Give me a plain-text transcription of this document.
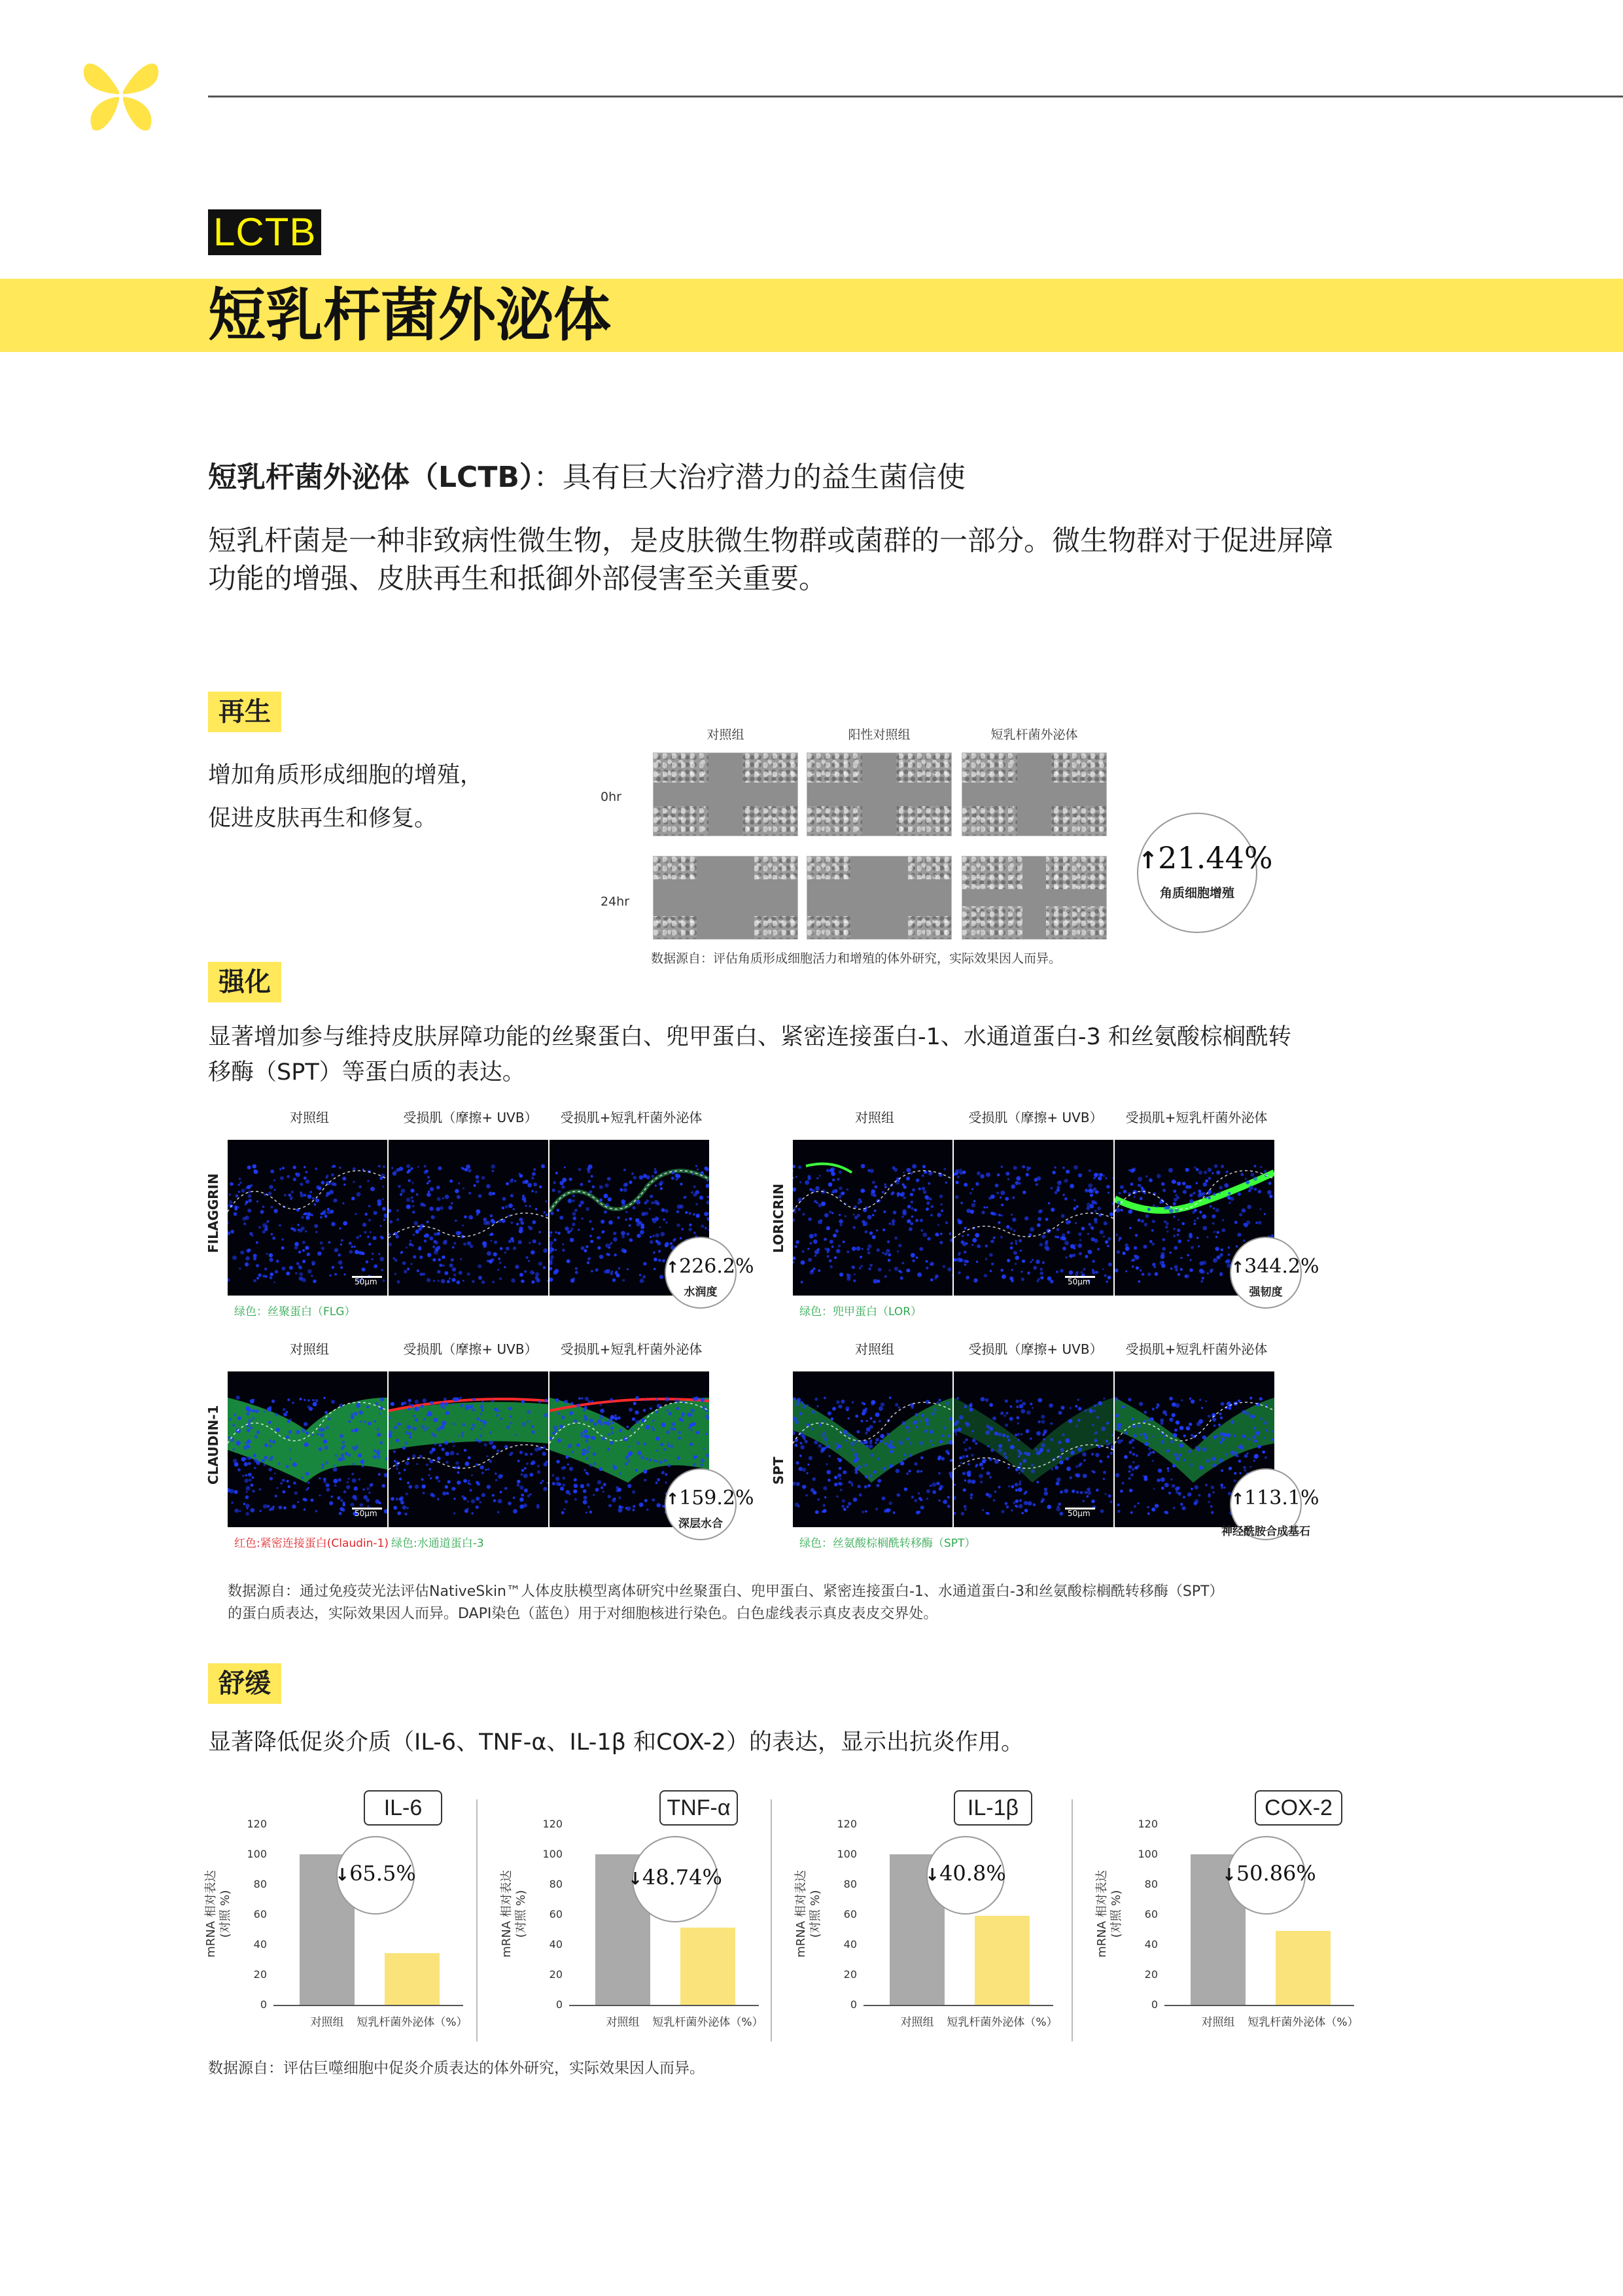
LCTB
短乳杆菌外泌体
短乳杆菌外泌体（LCTB）：具有巨大治疗潜力的益生菌信使
短乳杆菌是一种非致病性微生物，是皮肤微生物群或菌群的一部分。微生物群对于促进屏障功能的增强、皮肤再生和抵御外部侵害至关重要。
再生
增加角质形成细胞的增殖，
促进皮肤再生和修复。
对照组	阳性对照组	短乳杆菌外泌体
0hr
24hr
↑21.44%
角质细胞增殖
数据源自：评估角质形成细胞活力和增殖的体外研究，实际效果因人而异。
强化
显著增加参与维持皮肤屏障功能的丝聚蛋白、兜甲蛋白、紧密连接蛋白-1、水通道蛋白-3 和丝氨酸棕榈酰转移酶（SPT）等蛋白质的表达。
对照组	受损肌（摩擦+ UVB）	受损肌+短乳杆菌外泌体
FILAGGRIN
50μm
绿色：丝聚蛋白（FLG）
↑226.2%
水润度
对照组	受损肌（摩擦+ UVB）	受损肌+短乳杆菌外泌体
LORICRIN
50μm
绿色：兜甲蛋白（LOR）
↑344.2%
强韧度
对照组	受损肌（摩擦+ UVB）	受损肌+短乳杆菌外泌体
CLAUDIN-1
50μm
红色:紧密连接蛋白(Claudin-1) 绿色:水通道蛋白-3
↑159.2%
深层水合
对照组	受损肌（摩擦+ UVB）	受损肌+短乳杆菌外泌体
SPT
50μm
绿色：丝氨酸棕榈酰转移酶（SPT）
↑113.1%
神经酰胺合成基石
数据源自：通过免疫荧光法评估NativeSkin™人体皮肤模型离体研究中丝聚蛋白、兜甲蛋白、紧密连接蛋白-1、水通道蛋白-3和丝氨酸棕榈酰转移酶（SPT）
的蛋白质表达，实际效果因人而异。DAPI染色（蓝色）用于对细胞核进行染色。白色虚线表示真皮表皮交界处。
舒缓
显著降低促炎介质（IL-6、TNF-α、IL-1β 和COX-2）的表达，显示出抗炎作用。
IL-6
mRNA 相对表达 (对照 %)
120
100
80
60
40
20
0
对照组	短乳杆菌外泌体（%）
↓65.5%
TNF-α
mRNA 相对表达 (对照 %)
120
100
80
60
40
20
0
对照组	短乳杆菌外泌体（%）
↓48.74%
IL-1β
mRNA 相对表达 (对照 %)
120
100
80
60
40
20
0
对照组	短乳杆菌外泌体（%）
↓40.8%
COX-2
mRNA 相对表达 (对照 %)
120
100
80
60
40
20
0
对照组	短乳杆菌外泌体（%）
↓50.86%
数据源自：评估巨噬细胞中促炎介质表达的体外研究，实际效果因人而异。
